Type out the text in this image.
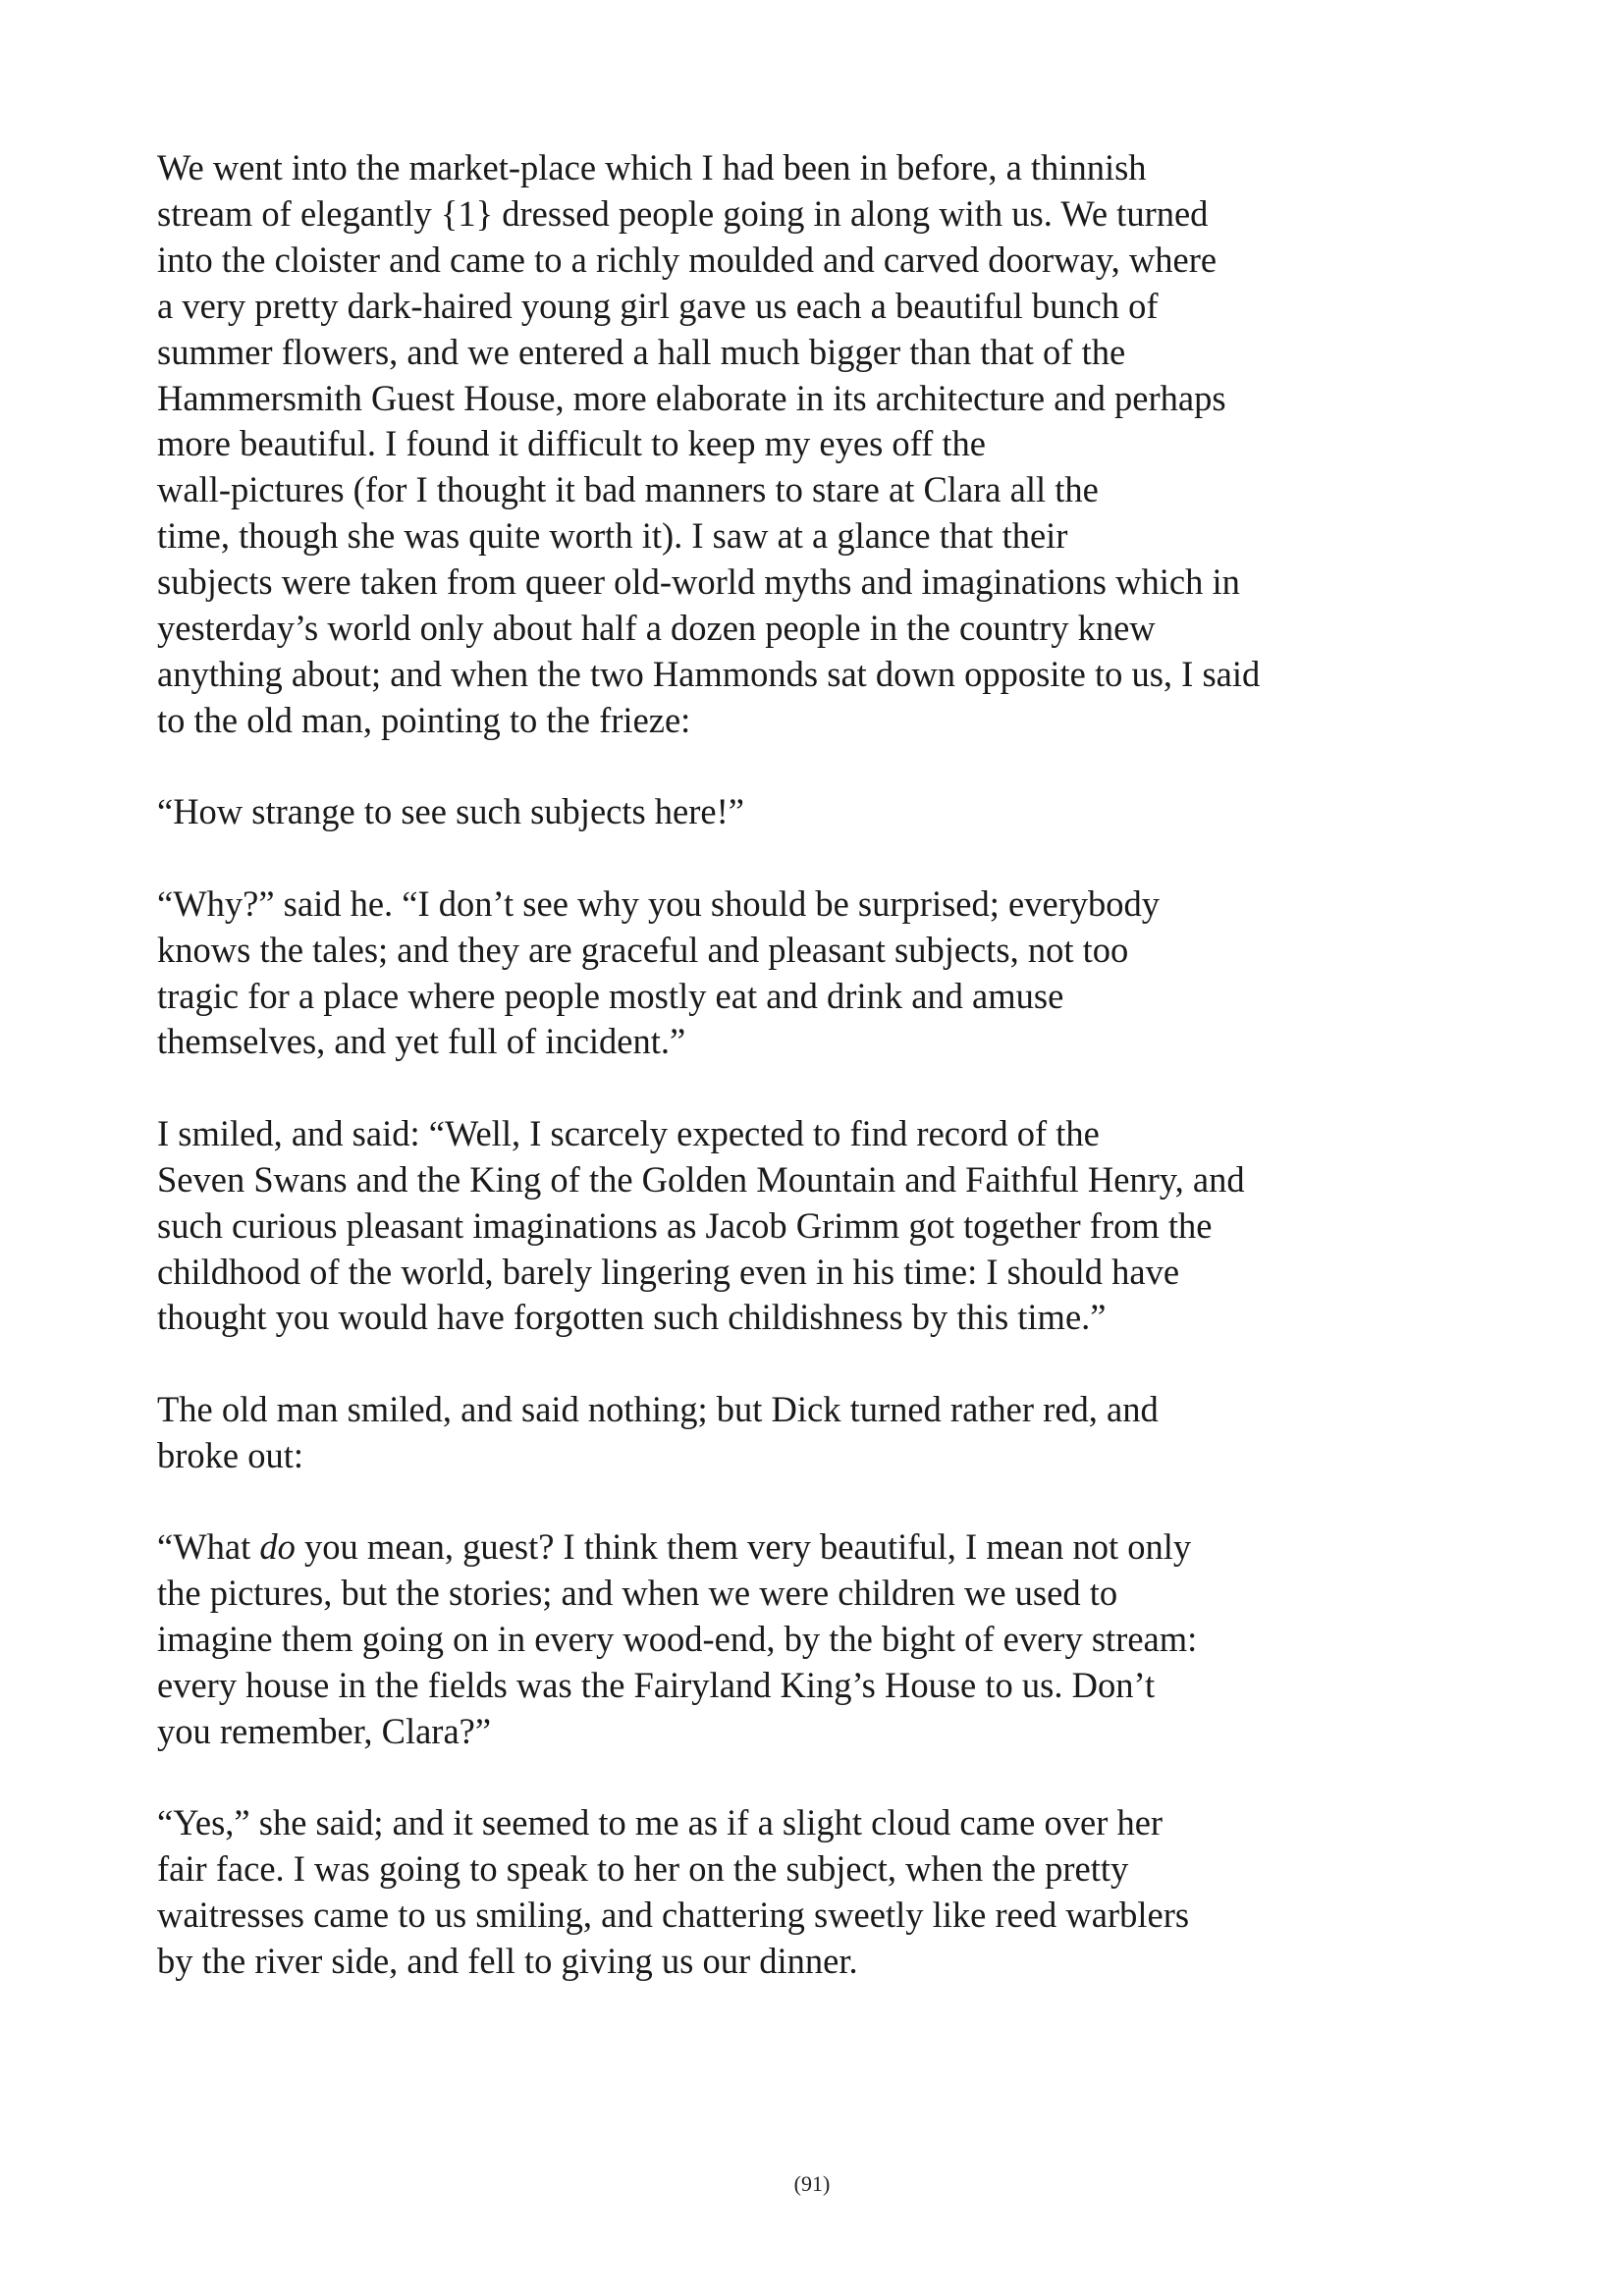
We went into the market-place which I had been in before, a thinnish
stream of elegantly {1} dressed people going in along with us. We turned
into the cloister and came to a richly moulded and carved doorway, where
a very pretty dark-haired young girl gave us each a beautiful bunch of
summer flowers, and we entered a hall much bigger than that of the
Hammersmith Guest House, more elaborate in its architecture and perhaps
more beautiful. I found it difficult to keep my eyes off the
wall-pictures (for I thought it bad manners to stare at Clara all the
time, though she was quite worth it). I saw at a glance that their
subjects were taken from queer old-world myths and imaginations which in
yesterday’s world only about half a dozen people in the country knew
anything about; and when the two Hammonds sat down opposite to us, I said
to the old man, pointing to the frieze:

“How strange to see such subjects here!”

“Why?” said he. “I don’t see why you should be surprised; everybody
knows the tales; and they are graceful and pleasant subjects, not too
tragic for a place where people mostly eat and drink and amuse
themselves, and yet full of incident.”

I smiled, and said: “Well, I scarcely expected to find record of the
Seven Swans and the King of the Golden Mountain and Faithful Henry, and
such curious pleasant imaginations as Jacob Grimm got together from the
childhood of the world, barely lingering even in his time: I should have
thought you would have forgotten such childishness by this time.”

The old man smiled, and said nothing; but Dick turned rather red, and
broke out:

“What do you mean, guest? I think them very beautiful, I mean not only
the pictures, but the stories; and when we were children we used to
imagine them going on in every wood-end, by the bight of every stream:
every house in the fields was the Fairyland King’s House to us. Don’t
you remember, Clara?”

“Yes,” she said; and it seemed to me as if a slight cloud came over her
fair face. I was going to speak to her on the subject, when the pretty
waitresses came to us smiling, and chattering sweetly like reed warblers
by the river side, and fell to giving us our dinner.

(91)
